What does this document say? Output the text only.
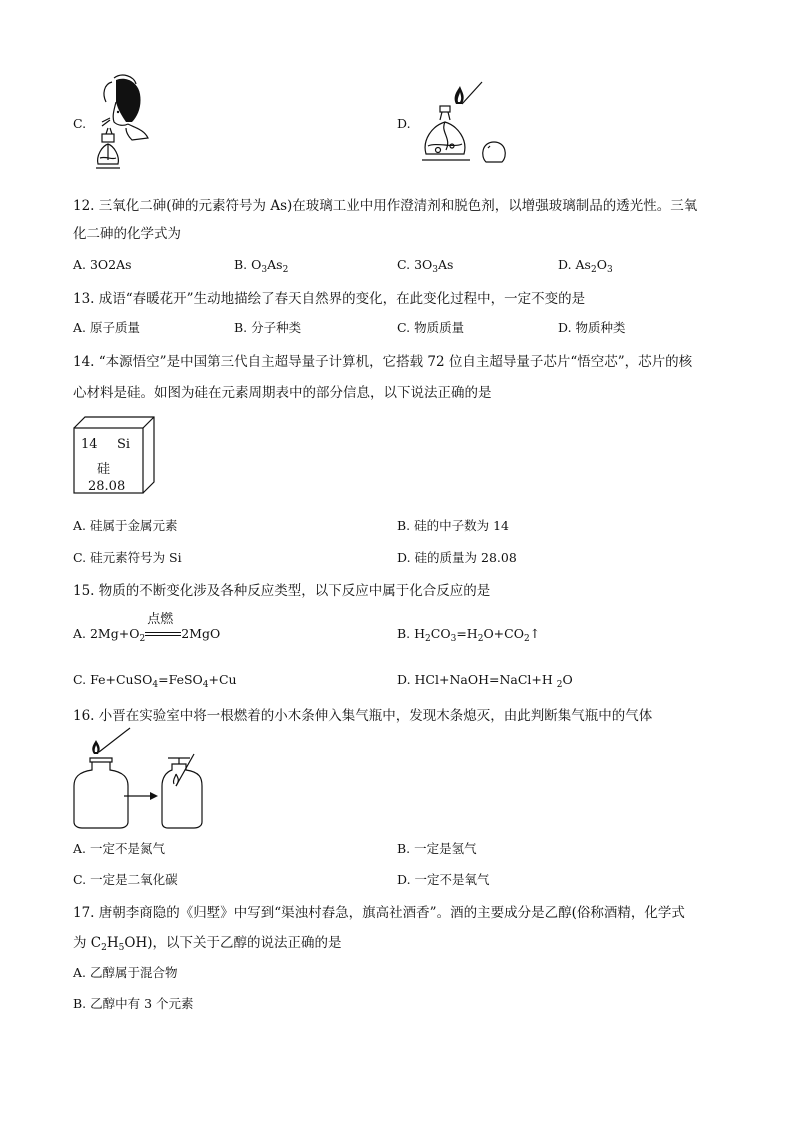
C.	D.
12. 三氧化二砷(砷的元素符号为 As)在玻璃工业中用作澄清剂和脱色剂，以增强玻璃制品的透光性。三氧
化二砷的化学式为
A. 3O2As	B. $O_3As_2$	C. $3O_3As$	D. $As_2O_3$
13. 成语“春暖花开”生动地描绘了春天自然界的变化，在此变化过程中，一定不变的是
A. 原子质量	B. 分子种类	C. 物质质量	D. 物质种类
14. “本源悟空”是中国第三代自主超导量子计算机，它搭载 72 位自主超导量子芯片“悟空芯”，芯片的核
心材料是硅。如图为硅在元素周期表中的部分信息，以下说法正确的是
14 Si
硅
28.08
A. 硅属于金属元素	B. 硅的中子数为 14
C. 硅元素符号为 Si	D. 硅的质量为 28.08
15. 物质的不断变化涉及各种反应类型，以下反应中属于化合反应的是
A. $2Mg+O_2$
点燃
2MgO	B. $H_2CO_3=H_2O+CO_2↑$
C. Fe+CuSO$_4$=FeSO$_4$+Cu	D. HCl+NaOH=NaCl+H $_2$O
16. 小晋在实验室中将一根燃着的小木条伸入集气瓶中，发现木条熄灭，由此判断集气瓶中的气体
A. 一定不是氮气	B. 一定是氢气
C. 一定是二氧化碳	D. 一定不是氧气
17. 唐朝李商隐的《归墅》中写到“渠浊村舂急，旗高社酒香”。酒的主要成分是乙醇(俗称酒精，化学式
为 $C_2H_5OH$)，以下关于乙醇的说法正确的是
A. 乙醇属于混合物
B. 乙醇中有 3 个元素
